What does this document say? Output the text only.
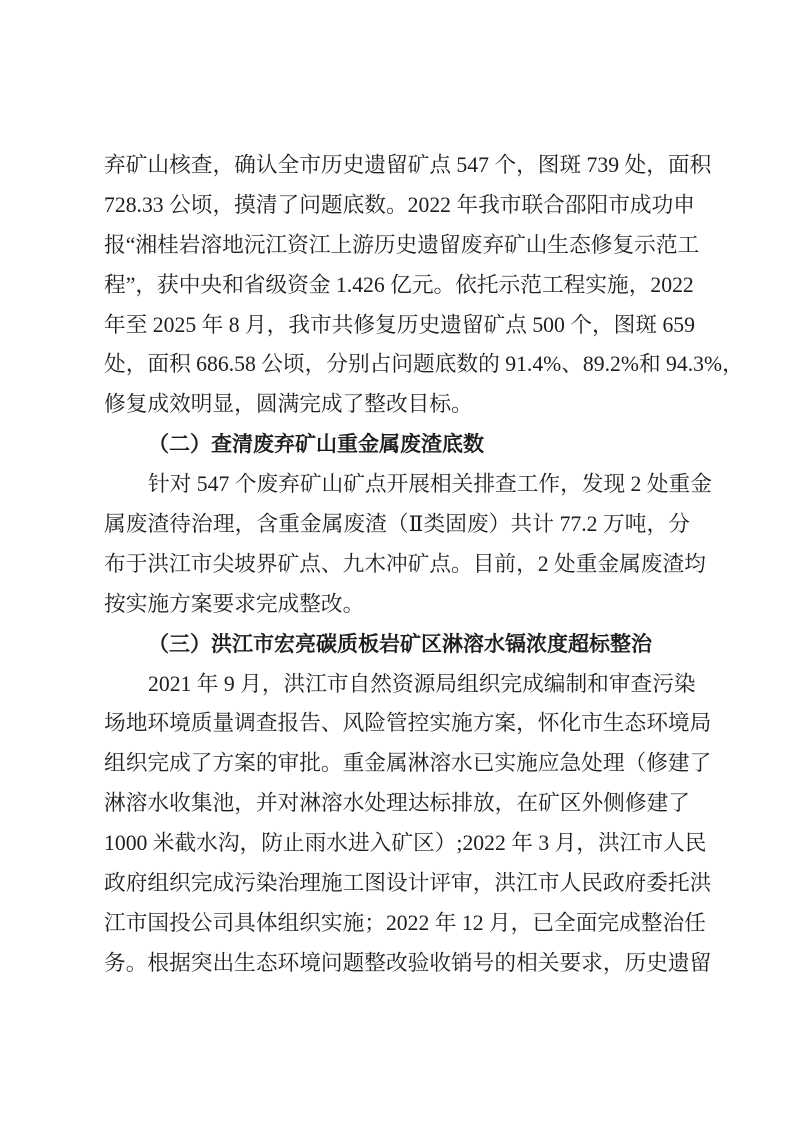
弃矿山核查，确认全市历史遗留矿点 547 个，图斑 739 处，面积
728.33 公顷，摸清了问题底数。2022 年我市联合邵阳市成功申
报“湘桂岩溶地沅江资江上游历史遗留废弃矿山生态修复示范工
程”，获中央和省级资金 1.426 亿元。依托示范工程实施，2022
年至 2025 年 8 月，我市共修复历史遗留矿点 500 个，图斑 659
处，面积 686.58 公顷，分别占问题底数的 91.4%、89.2%和 94.3%，
修复成效明显，圆满完成了整改目标。
（二）查清废弃矿山重金属废渣底数
针对 547 个废弃矿山矿点开展相关排查工作，发现 2 处重金
属废渣待治理，含重金属废渣（Ⅱ类固废）共计 77.2 万吨，分
布于洪江市尖坡界矿点、九木冲矿点。目前，2 处重金属废渣均
按实施方案要求完成整改。
（三）洪江市宏亮碳质板岩矿区淋溶水镉浓度超标整治
2021 年 9 月，洪江市自然资源局组织完成编制和审查污染
场地环境质量调查报告、风险管控实施方案，怀化市生态环境局
组织完成了方案的审批。重金属淋溶水已实施应急处理（修建了
淋溶水收集池，并对淋溶水处理达标排放，在矿区外侧修建了
1000 米截水沟，防止雨水进入矿区）;2022 年 3 月，洪江市人民
政府组织完成污染治理施工图设计评审，洪江市人民政府委托洪
江市国投公司具体组织实施；2022 年 12 月，已全面完成整治任
务。根据突出生态环境问题整改验收销号的相关要求，历史遗留
